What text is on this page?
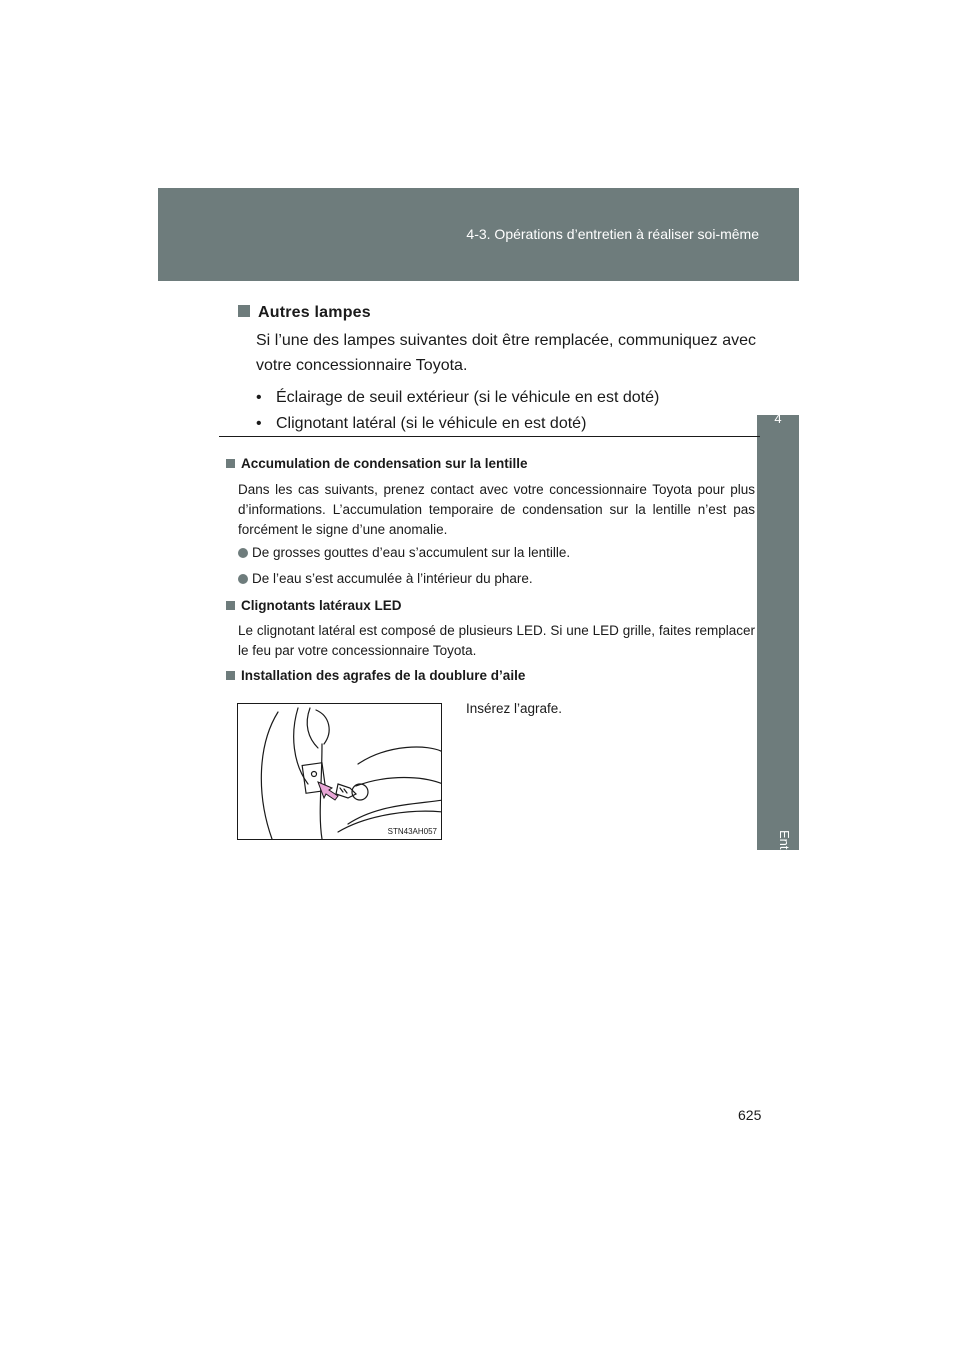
4-3. Opérations d’entretien à réaliser soi-même
4
Entretien et soins
Autres lampes
Si l’une des lampes suivantes doit être remplacée, communiquez avec votre concessionnaire Toyota.
• Éclairage de seuil extérieur (si le véhicule en est doté)
• Clignotant latéral (si le véhicule en est doté)
Accumulation de condensation sur la lentille
Dans les cas suivants, prenez contact avec votre concessionnaire Toyota pour plus d’informations. L’accumulation temporaire de condensation sur la lentille n’est pas forcément le signe d’une anomalie.
De grosses gouttes d’eau s’accumulent sur la lentille.
De l’eau s’est accumulée à l’intérieur du phare.
Clignotants latéraux LED
Le clignotant latéral est composé de plusieurs LED. Si une LED grille, faites remplacer le feu par votre concessionnaire Toyota.
Installation des agrafes de la doublure d’aile
STN43AH057
Insérez l’agrafe.
625
